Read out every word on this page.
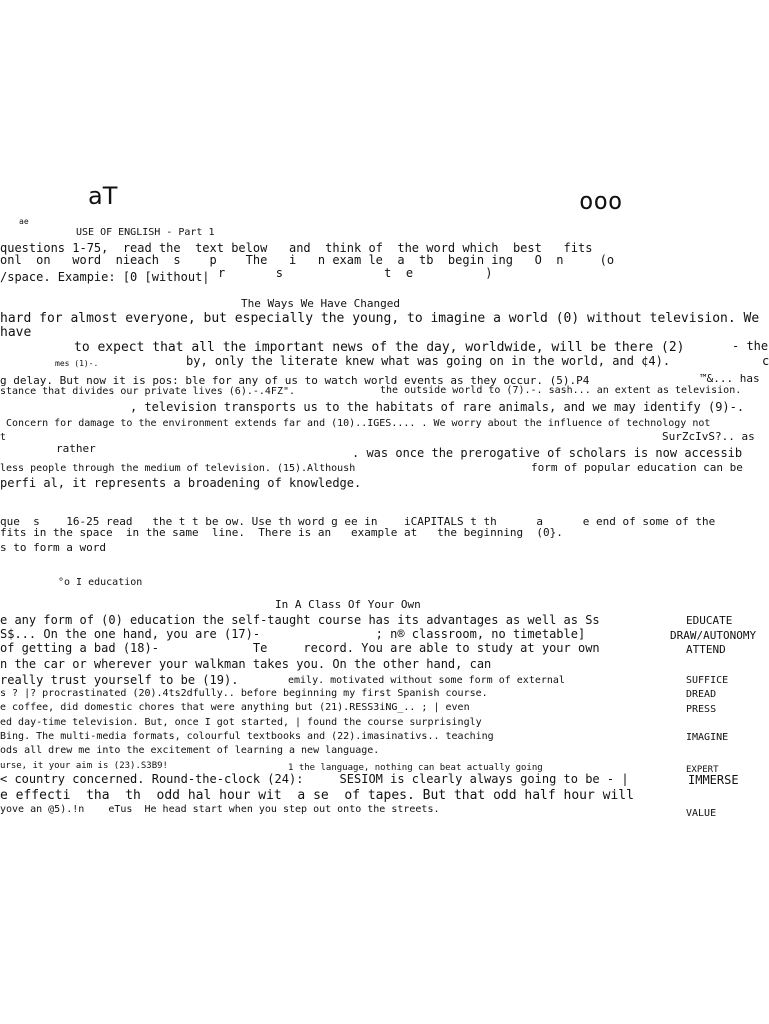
aT	ooo
ae
USE OF ENGLISH - Part 1
questions 1-75,  read the  text below   and  think of  the word which  best   fits
onl  on   word  nieach  s    p    The   i   n exam le  a  tb  begin ing   O  n     (o
/space. Exampie: [0 [without| r       s              t  e          )
The Ways We Have Changed
hard for almost everyone, but especially the young, to imagine a world (0) without television. We
have
to expect that all the important news of the day, worldwide, will be there (2)	- the
mes (1)-.	by, only the literate knew what was going on in the world, and ¢4).	c
g delay. But now it is pos: ble for any of us to watch world events as they occur. (5).P4	™&... has
stance that divides our private lives (6).-.4FZ".	the outside world to (7).-. sash... an extent as television.
, television transports us to the habitats of rare animals, and we may identify (9)-.
Concern for damage to the environment extends far and (10)..IGES.... . We worry about the influence of technology not
t	SurZcIvS?.. as
rather	. was once the prerogative of scholars is now accessib
less people through the medium of television. (15).Althoush	form of popular education can be
perfi al, it represents a broadening of knowledge.
que  s    16-25 read   the t t be ow. Use th word g ee in    iCAPITALS t th      a      e end of some of the
fits in the space  in the same  line.  There is an   example at   the beginning  (0}.
s to form a word
°o I education
In A Class Of Your Own
e any form of (0) education the self-taught course has its advantages as well as Ss
S$... On the one hand, you are (17)-                ; n® classroom, no timetable]
of getting a bad (18)-             Te     record. You are able to study at your own
n the car or wherever your walkman takes you. On the other hand, can
really trust yourself to be (19).	emily. motivated without some form of external
s ? |? procrastinated (20).4ts2dfully.. before beginning my first Spanish course.
e coffee, did domestic chores that were anything but (21).RESS3iNG_.. ; | even
ed day-time television. But, once I got started, | found the course surprisingly
Bing. The multi-media formats, colourful textbooks and (22).imasinativs.. teaching
ods all drew me into the excitement of learning a new language.
urse, it your aim is (23).S3B9!	1 the language, nothing can beat actually going
< country concerned. Round-the-clock (24):     SESIOM is clearly always going to be - |
e effecti  tha  th  odd hal hour wit  a se  of tapes. But that odd half hour will
yove an @5).!n    eTus  He head start when you step out onto the streets.
EDUCATE
DRAW/AUTONOMY
ATTEND
SUFFICE
DREAD
PRESS
IMAGINE
EXPERT
IMMERSE
VALUE
